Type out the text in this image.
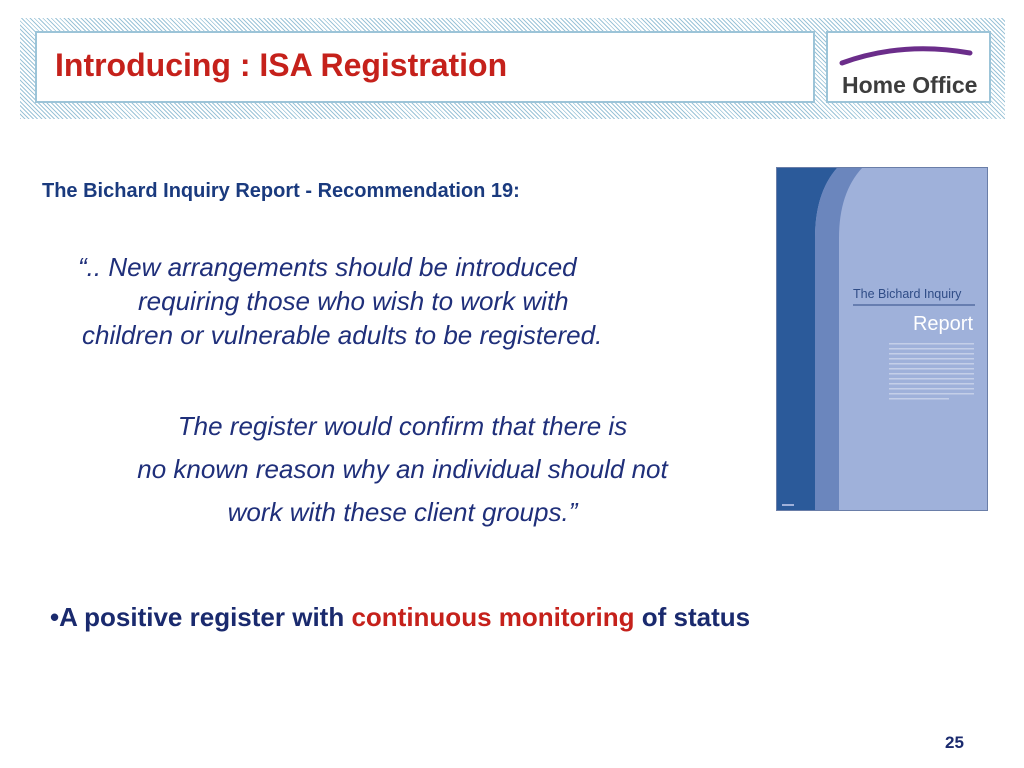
Introducing : ISA Registration
Home Office
The Bichard Inquiry Report - Recommendation 19:
“.. New arrangements should be introduced
requiring those who wish to work with
children or vulnerable adults to be registered.
The register would confirm that there is
no known reason why an individual should not
work with these client groups.”
•A positive register with continuous monitoring of status
The Bichard Inquiry
Report
25
